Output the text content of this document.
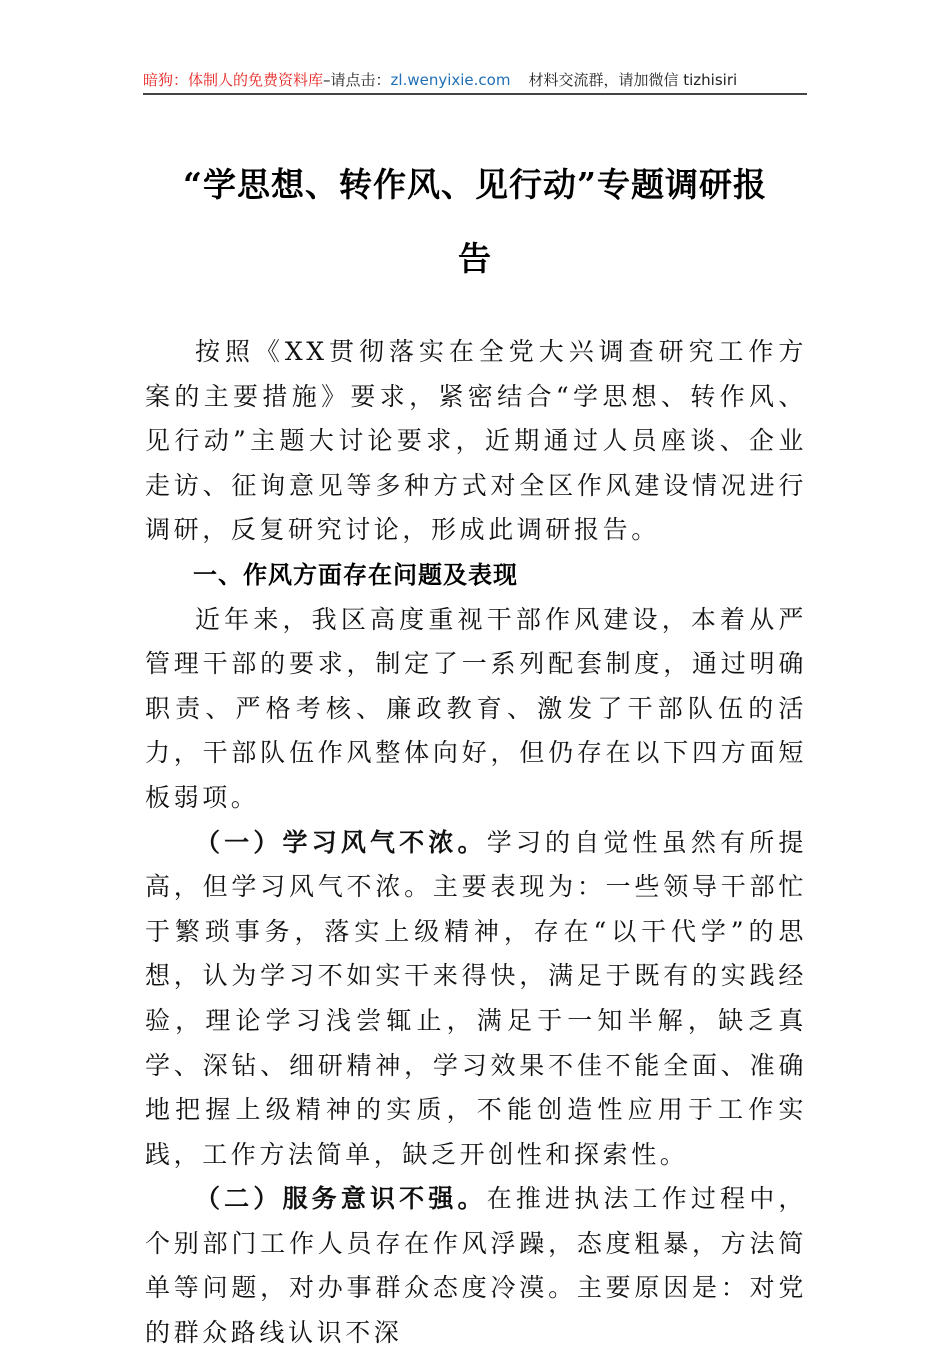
暗狗：体制人的免费资料库–请点击：zl.wenyixie.com 材料交流群，请加微信 tizhisiri
“学思想、转作风、见行动”专题调研报
告

按照《XX贯彻落实在全党大兴调查研究工作方案的主要措施》要求，紧密结合“学思想、转作风、见行动”主题大讨论要求，近期通过人员座谈、企业走访、征询意见等多种方式对全区作风建设情况进行调研，反复研究讨论，形成此调研报告。

一、作风方面存在问题及表现

近年来，我区高度重视干部作风建设，本着从严管理干部的要求，制定了一系列配套制度，通过明确职责、严格考核、廉政教育、激发了干部队伍的活力，干部队伍作风整体向好，但仍存在以下四方面短板弱项。

（一）学习风气不浓。学习的自觉性虽然有所提高，但学习风气不浓。主要表现为：一些领导干部忙于繁琐事务，落实上级精神，存在“以干代学”的思想，认为学习不如实干来得快，满足于既有的实践经验，理论学习浅尝辄止，满足于一知半解，缺乏真学、深钻、细研精神，学习效果不佳不能全面、准确地把握上级精神的实质，不能创造性应用于工作实践，工作方法简单，缺乏开创性和探索性。

（二）服务意识不强。在推进执法工作过程中，个别部门工作人员存在作风浮躁，态度粗暴，方法简单等问题，对办事群众态度冷漠。主要原因是：对党的群众路线认识不深
